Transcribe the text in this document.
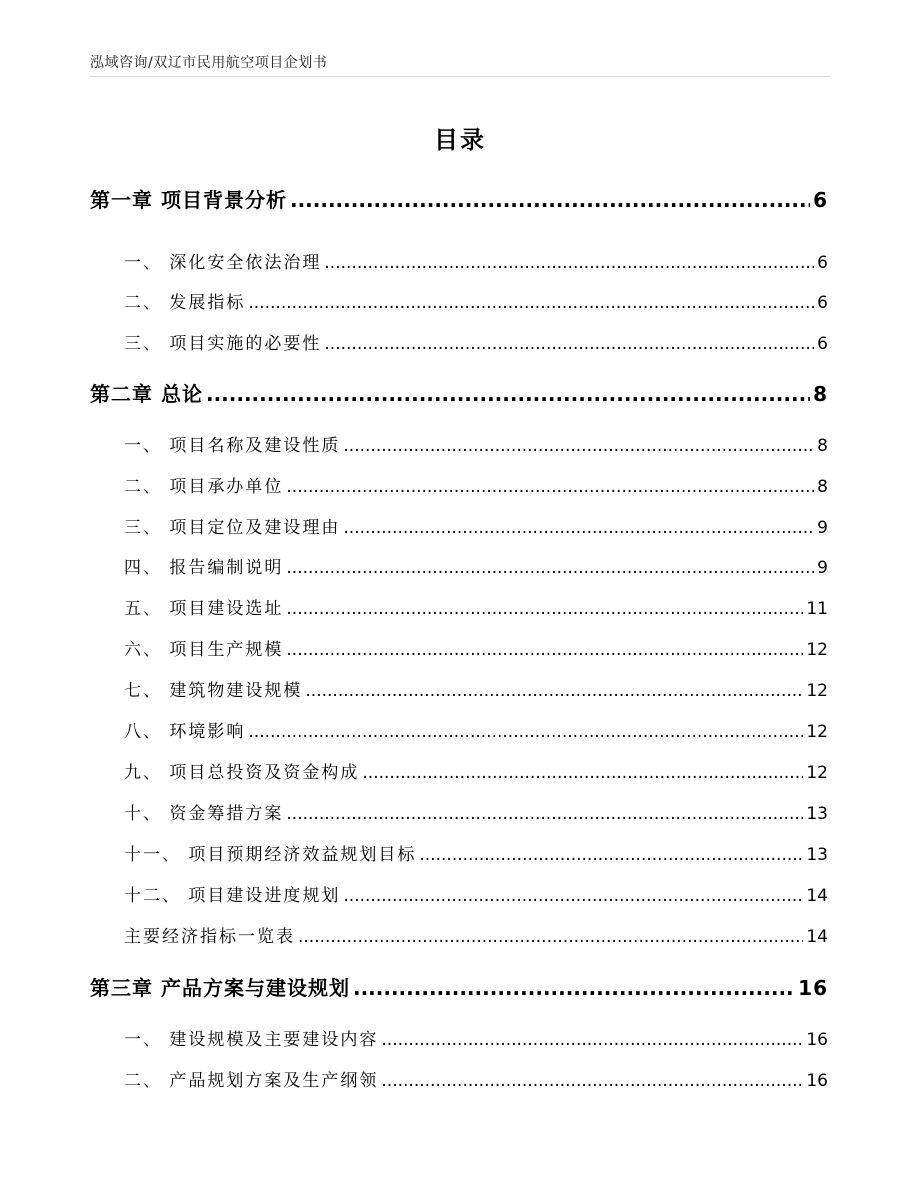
泓域咨询/双辽市民用航空项目企划书
目录
第一章 项目背景分析 .....	6
一、 深化安全依法治理 .....	6
二、 发展指标 .....	6
三、 项目实施的必要性 .....	6
第二章 总论 .....	8
一、 项目名称及建设性质 .....	8
二、 项目承办单位 .....	8
三、 项目定位及建设理由 .....	9
四、 报告编制说明 .....	9
五、 项目建设选址 .....	11
六、 项目生产规模 .....	12
七、 建筑物建设规模 .....	12
八、 环境影响 .....	12
九、 项目总投资及资金构成 .....	12
十、 资金筹措方案 .....	13
十一、 项目预期经济效益规划目标 .....	13
十二、 项目建设进度规划 .....	14
主要经济指标一览表 .....	14
第三章 产品方案与建设规划 .....	16
一、 建设规模及主要建设内容 .....	16
二、 产品规划方案及生产纲领 .....	16
